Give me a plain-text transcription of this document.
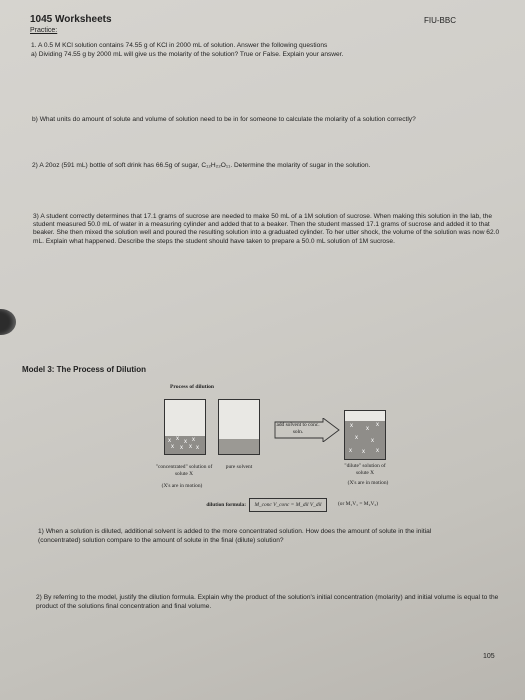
1045 Worksheets
Practice:
FIU-BBC
1. A 0.5 M KCl solution contains 74.55 g of KCl in 2000 mL of solution. Answer the following questions
a) Dividing 74.55 g by 2000 mL will give us the molarity of the solution? True or False. Explain your answer.
b) What units do amount of solute and volume of solution need to be in for someone to calculate the molarity of a solution correctly?
2) A 20oz (591 mL) bottle of soft drink has 66.5g of sugar, C₁₂H₂₂O₁₁. Determine the molarity of sugar in the solution.
3) A student correctly determines that 17.1 grams of sucrose are needed to make 50 mL of a 1M solution of sucrose. When making this solution in the lab, the student measured 50.0 mL of water in a measuring cylinder and added that to a beaker. Then the student massed 17.1 grams of sucrose and added it to that beaker. She then mixed the solution well and poured the resulting solution into a graduated cylinder. To her utter shock, the volume of the solution was now 62.0 mL. Explain what happened. Describe the steps the student should have taken to prepare a 50.0 mL solution of 1M sucrose.
Model 3: The Process of Dilution
Process of dilution
x x x x
x x x x
add solvent to conc. soln.
x x
x
x x
x x x
"concentrated" solution of solute X
(X's are in motion)
pure solvent	"dilute" solution of solute X
(X's are in motion)
dilution formula:	M_conc V_conc = M_dil V_dil	(or M₁V₁ = M₂V₂)
1) When a solution is diluted, additional solvent is added to the more concentrated solution. How does the amount of solute in the initial (concentrated) solution compare to the amount of solute in the final (dilute) solution?
2) By referring to the model, justify the dilution formula. Explain why the product of the solution's initial concentration (molarity) and initial volume is equal to the product of the solutions final concentration and final volume.
105
